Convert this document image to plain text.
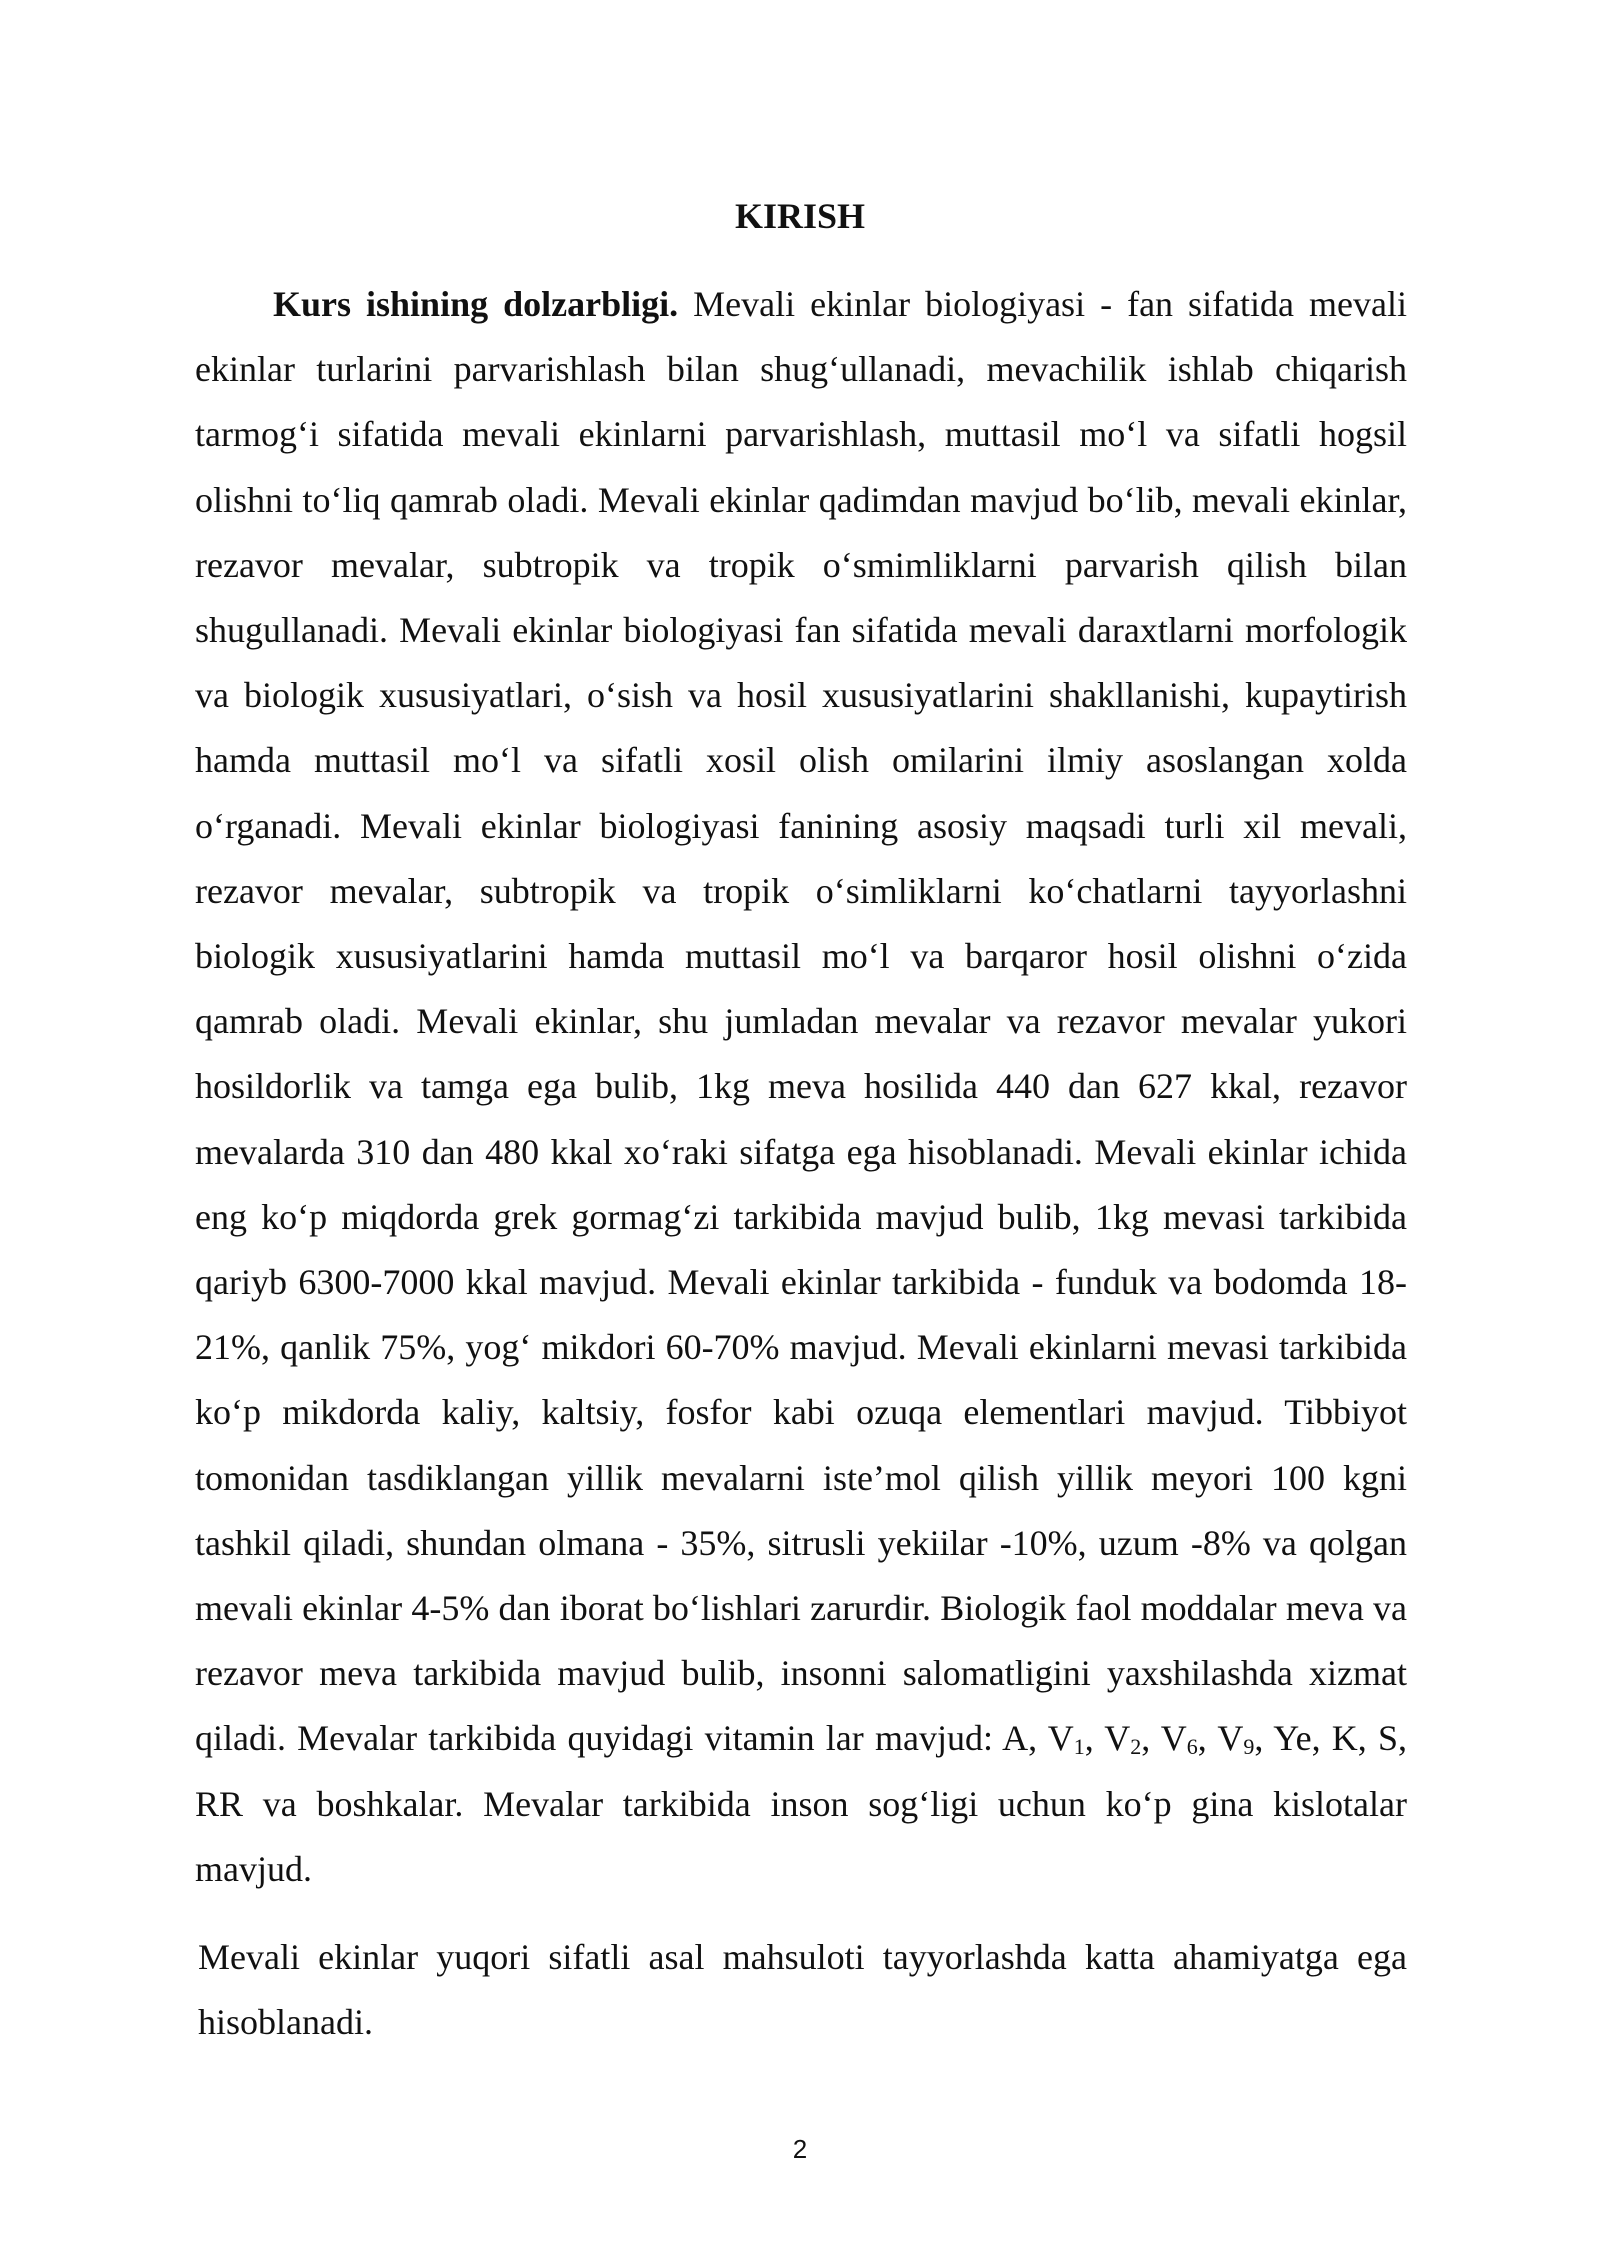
KIRISH

Kurs ishining dolzarbligi. Mevali ekinlar biologiyasi - fan sifatida mevali ekinlar turlarini parvarishlash bilan shug‘ullanadi, mevachilik ishlab chiqarish tarmog‘i sifatida mevali ekinlarni parvarishlash, muttasil mo‘l va sifatli hogsil olishni to‘liq qamrab oladi. Mevali ekinlar qadimdan mavjud bo‘lib, mevali ekinlar, rezavor mevalar, subtropik va tropik o‘smimliklarni parvarish qilish bilan shugullanadi. Mevali ekinlar biologiyasi fan sifatida mevali daraxtlarni morfologik va biologik xususiyatlari, o‘sish va hosil xususiyatlarini shakllanishi, kupaytirish hamda muttasil mo‘l va sifatli xosil olish omilarini ilmiy asoslangan xolda o‘rganadi. Mevali ekinlar biologiyasi fanining asosiy maqsadi turli xil mevali, rezavor mevalar, subtropik va tropik o‘simliklarni ko‘chatlarni tayyorlashni biologik xususiyatlarini hamda muttasil mo‘l va barqaror hosil olishni o‘zida qamrab oladi. Mevali ekinlar, shu jumladan mevalar va rezavor mevalar yukori hosildorlik va tamga ega bulib, 1kg meva hosilida 440 dan 627 kkal, rezavor mevalarda 310 dan 480 kkal xo‘raki sifatga ega hisoblanadi. Mevali ekinlar ichida eng ko‘p miqdorda grek gormag‘zi tarkibida mavjud bulib, 1kg mevasi tarkibida qariyb 6300-7000 kkal mavjud. Mevali ekinlar tarkibida - funduk va bodomda 18-21%, qanlik 75%, yog‘ mikdori 60-70% mavjud. Mevali ekinlarni mevasi tarkibida ko‘p mikdorda kaliy, kaltsiy, fosfor kabi ozuqa elementlari mavjud. Tibbiyot tomonidan tasdiklangan yillik mevalarni iste’mol qilish yillik meyori 100 kgni tashkil qiladi, shundan olmana - 35%, sitrusli yekiilar -10%, uzum -8% va qolgan mevali ekinlar 4-5% dan iborat bo‘lishlari zarurdir. Biologik faol moddalar meva va rezavor meva tarkibida mavjud bulib, insonni salomatligini yaxshilashda xizmat qiladi. Mevalar tarkibida quyidagi vitamin lar mavjud: A, $V_1$, $V_2$, $V_6$, $V_9$, Ye, K, S, RR va boshkalar. Mevalar tarkibida inson sog‘ligi uchun ko‘p gina kislotalar mavjud.

Mevali ekinlar yuqori sifatli asal mahsuloti tayyorlashda katta ahamiyatga ega hisoblanadi.

2
